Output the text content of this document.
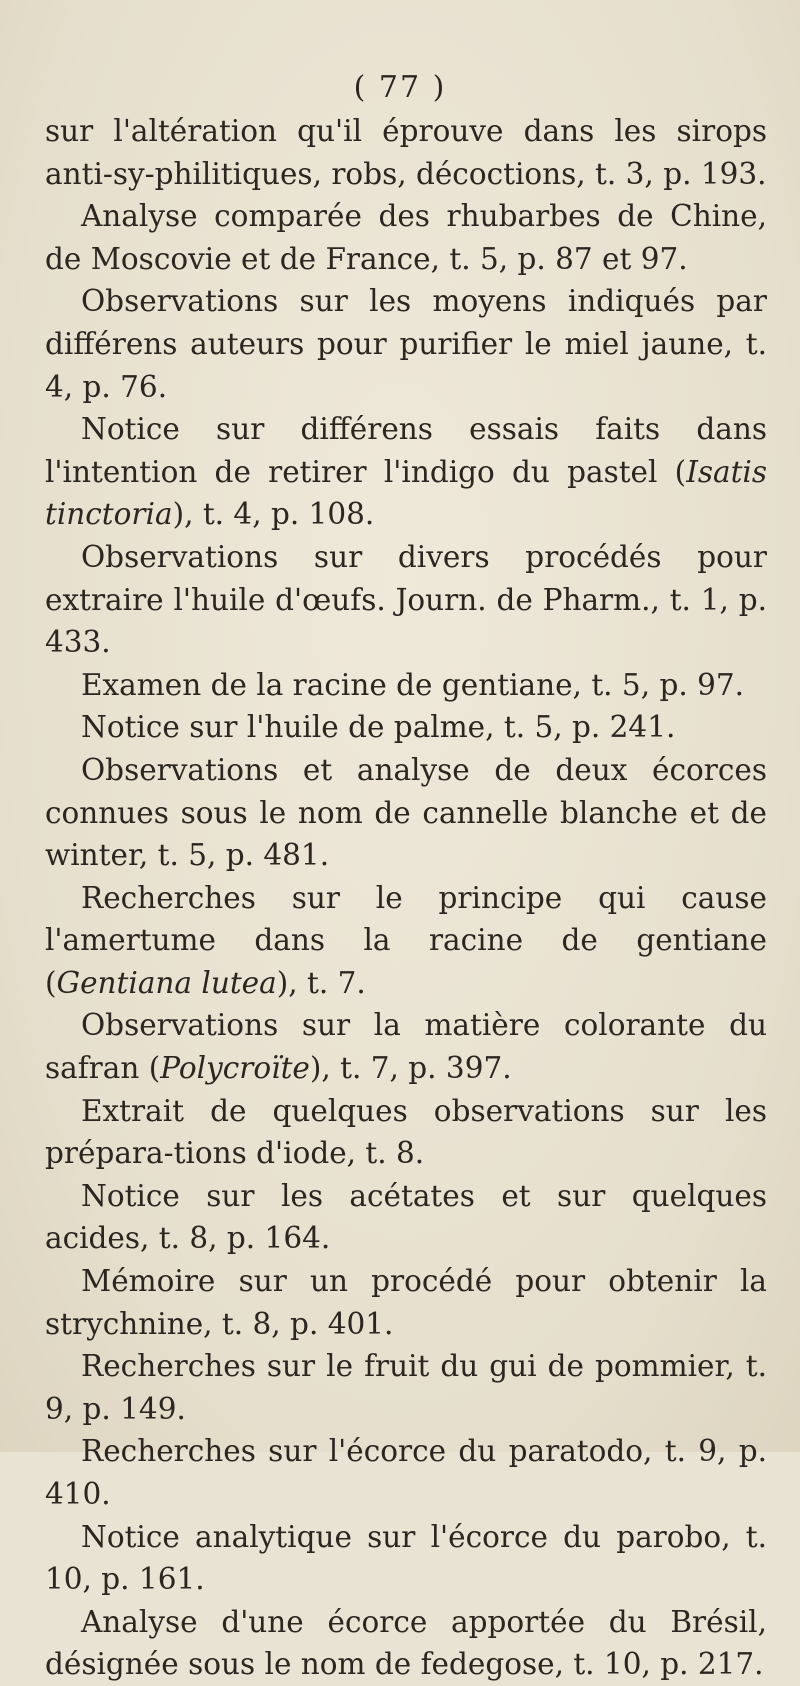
( 77 )

sur l'altération qu'il éprouve dans les sirops anti-sy-philitiques, robs, décoctions, t. 3, p. 193.

Analyse comparée des rhubarbes de Chine, de Moscovie et de France, t. 5, p. 87 et 97.

Observations sur les moyens indiqués par différens auteurs pour purifier le miel jaune, t. 4, p. 76.

Notice sur différens essais faits dans l'intention de retirer l'indigo du pastel (Isatis tinctoria), t. 4, p. 108.

Observations sur divers procédés pour extraire l'huile d'œufs. Journ. de Pharm., t. 1, p. 433.

Examen de la racine de gentiane, t. 5, p. 97.

Notice sur l'huile de palme, t. 5, p. 241.

Observations et analyse de deux écorces connues sous le nom de cannelle blanche et de winter, t. 5, p. 481.

Recherches sur le principe qui cause l'amertume dans la racine de gentiane (Gentiana lutea), t. 7.

Observations sur la matière colorante du safran (Polycroïte), t. 7, p. 397.

Extrait de quelques observations sur les prépara-tions d'iode, t. 8.

Notice sur les acétates et sur quelques acides, t. 8, p. 164.

Mémoire sur un procédé pour obtenir la strychnine, t. 8, p. 401.

Recherches sur le fruit du gui de pommier, t. 9, p. 149.

Recherches sur l'écorce du paratodo, t. 9, p. 410.

Notice analytique sur l'écorce du parobo, t. 10, p. 161.

Analyse d'une écorce apportée du Brésil, désignée sous le nom de fedegose, t. 10, p. 217.
